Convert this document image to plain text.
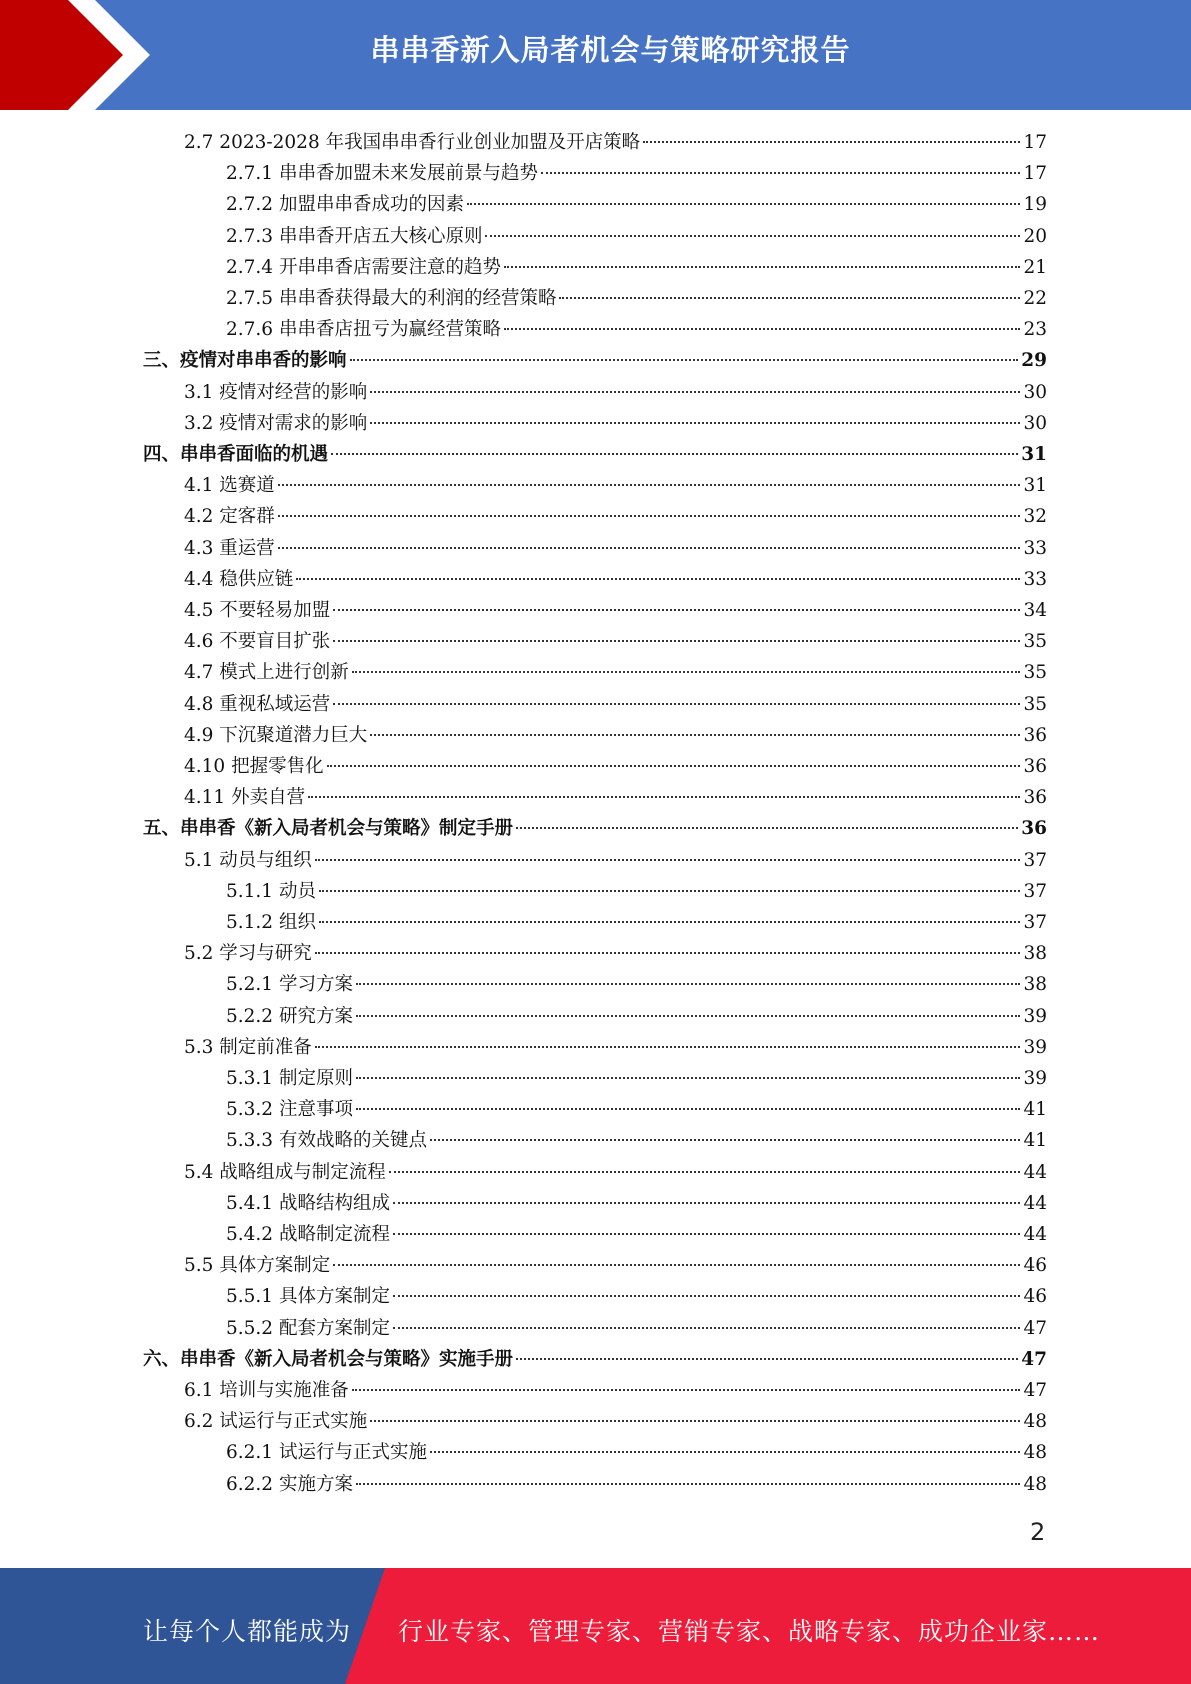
串串香新入局者机会与策略研究报告
2.7 2023-2028 年我国串串香行业创业加盟及开店策略	17
2.7.1 串串香加盟未来发展前景与趋势	17
2.7.2 加盟串串香成功的因素	19
2.7.3 串串香开店五大核心原则	20
2.7.4 开串串香店需要注意的趋势	21
2.7.5 串串香获得最大的利润的经营策略	22
2.7.6 串串香店扭亏为赢经营策略	23
三、疫情对串串香的影响	29
3.1 疫情对经营的影响	30
3.2 疫情对需求的影响	30
四、串串香面临的机遇	31
4.1 选赛道	31
4.2 定客群	32
4.3 重运营	33
4.4 稳供应链	33
4.5 不要轻易加盟	34
4.6 不要盲目扩张	35
4.7 模式上进行创新	35
4.8 重视私域运营	35
4.9 下沉聚道潜力巨大	36
4.10 把握零售化	36
4.11 外卖自营	36
五、串串香《新入局者机会与策略》制定手册	36
5.1 动员与组织	37
5.1.1 动员	37
5.1.2 组织	37
5.2 学习与研究	38
5.2.1 学习方案	38
5.2.2 研究方案	39
5.3 制定前准备	39
5.3.1 制定原则	39
5.3.2 注意事项	41
5.3.3 有效战略的关键点	41
5.4 战略组成与制定流程	44
5.4.1 战略结构组成	44
5.4.2 战略制定流程	44
5.5 具体方案制定	46
5.5.1 具体方案制定	46
5.5.2 配套方案制定	47
六、串串香《新入局者机会与策略》实施手册	47
6.1 培训与实施准备	47
6.2 试运行与正式实施	48
6.2.1 试运行与正式实施	48
6.2.2 实施方案	48
2
让每个人都能成为 行业专家、管理专家、营销专家、战略专家、成功企业家……
